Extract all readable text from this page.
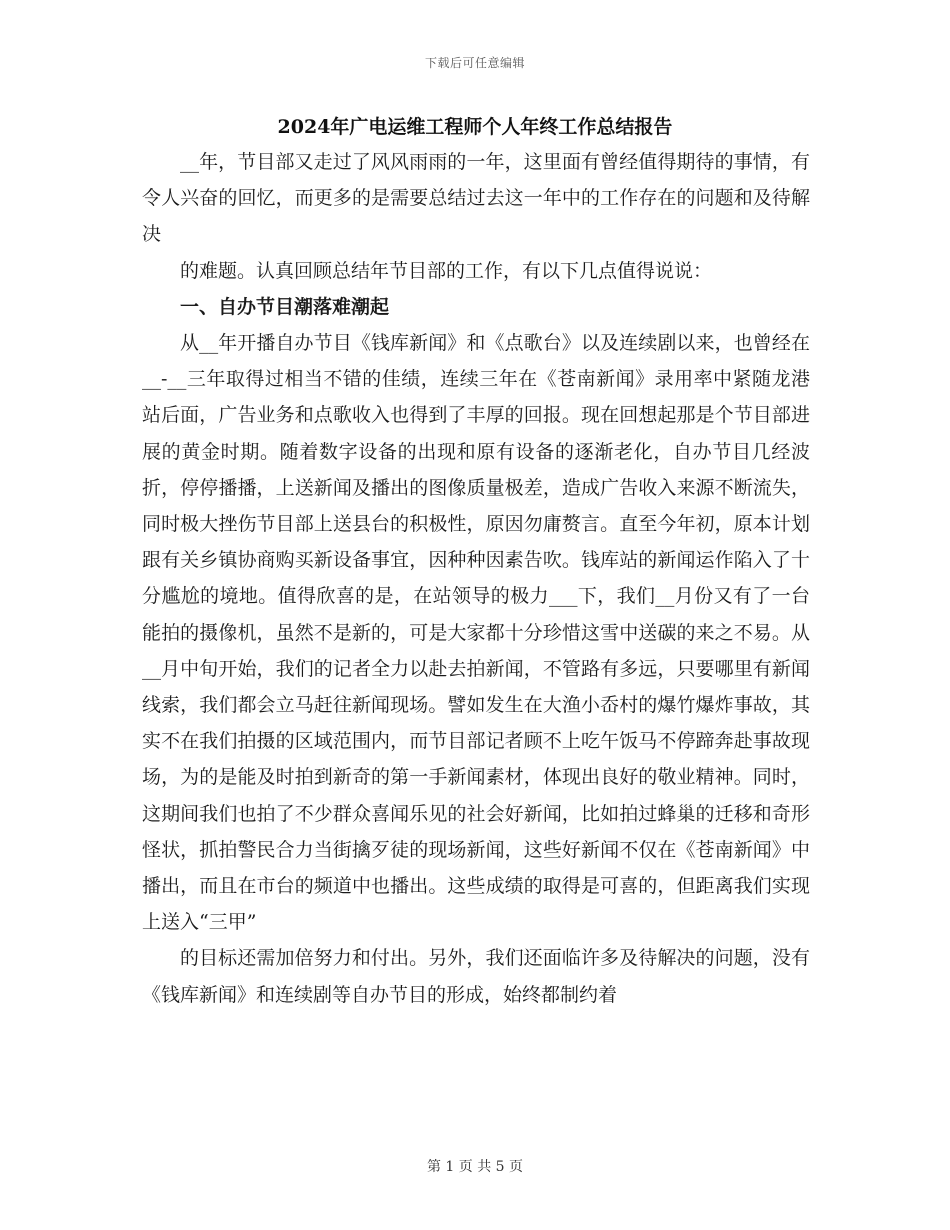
下载后可任意编辑
2024年广电运维工程师个人年终工作总结报告

__年，节目部又走过了风风雨雨的一年，这里面有曾经值得期待的事情，有令人兴奋的回忆，而更多的是需要总结过去这一年中的工作存在的问题和及待解决

的难题。认真回顾总结年节目部的工作，有以下几点值得说说：

一、自办节目潮落难潮起

从__年开播自办节目《钱库新闻》和《点歌台》以及连续剧以来，也曾经在__-__三年取得过相当不错的佳绩，连续三年在《苍南新闻》录用率中紧随龙港站后面，广告业务和点歌收入也得到了丰厚的回报。现在回想起那是个节目部进展的黄金时期。随着数字设备的出现和原有设备的逐渐老化，自办节目几经波折，停停播播，上送新闻及播出的图像质量极差，造成广告收入来源不断流失，同时极大挫伤节目部上送县台的积极性，原因勿庸赘言。直至今年初，原本计划跟有关乡镇协商购买新设备事宜，因种种因素告吹。钱库站的新闻运作陷入了十分尴尬的境地。值得欣喜的是，在站领导的极力___下，我们__月份又有了一台能拍的摄像机，虽然不是新的，可是大家都十分珍惜这雪中送碳的来之不易。从__月中旬开始，我们的记者全力以赴去拍新闻，不管路有多远，只要哪里有新闻线索，我们都会立马赶往新闻现场。譬如发生在大渔小岙村的爆竹爆炸事故，其实不在我们拍摄的区域范围内，而节目部记者顾不上吃午饭马不停蹄奔赴事故现场，为的是能及时拍到新奇的第一手新闻素材，体现出良好的敬业精神。同时，这期间我们也拍了不少群众喜闻乐见的社会好新闻，比如拍过蜂巢的迁移和奇形怪状，抓拍警民合力当街擒歹徒的现场新闻，这些好新闻不仅在《苍南新闻》中播出，而且在市台的频道中也播出。这些成绩的取得是可喜的，但距离我们实现上送入“三甲”

的目标还需加倍努力和付出。另外，我们还面临许多及待解决的问题，没有《钱库新闻》和连续剧等自办节目的形成，始终都制约着

第 1 页 共 5 页
